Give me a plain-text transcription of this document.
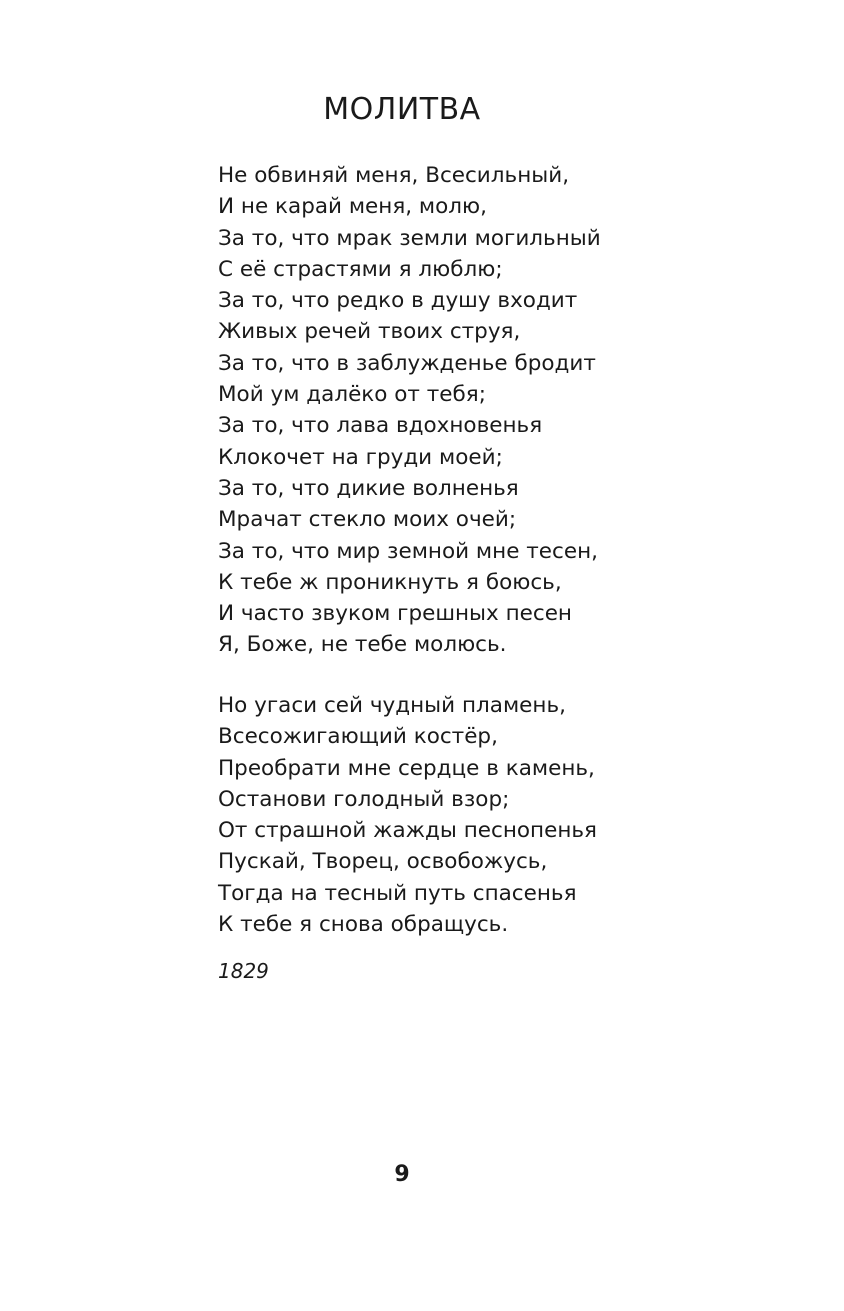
МОЛИТВА
Не обвиняй меня, Всесильный,
И не карай меня, молю,
За то, что мрак земли могильный
С её страстями я люблю;
За то, что редко в душу входит
Живых речей твоих струя,
За то, что в заблужденье бродит
Мой ум далёко от тебя;
За то, что лава вдохновенья
Клокочет на груди моей;
За то, что дикие волненья
Мрачат стекло моих очей;
За то, что мир земной мне тесен,
К тебе ж проникнуть я боюсь,
И часто звуком грешных песен
Я, Боже, не тебе молюсь.
Но угаси сей чудный пламень,
Всесожигающий костёр,
Преобрати мне сердце в камень,
Останови голодный взор;
От страшной жажды песнопенья
Пускай, Творец, освобожусь,
Тогда на тесный путь спасенья
К тебе я снова обращусь.
1829
9
